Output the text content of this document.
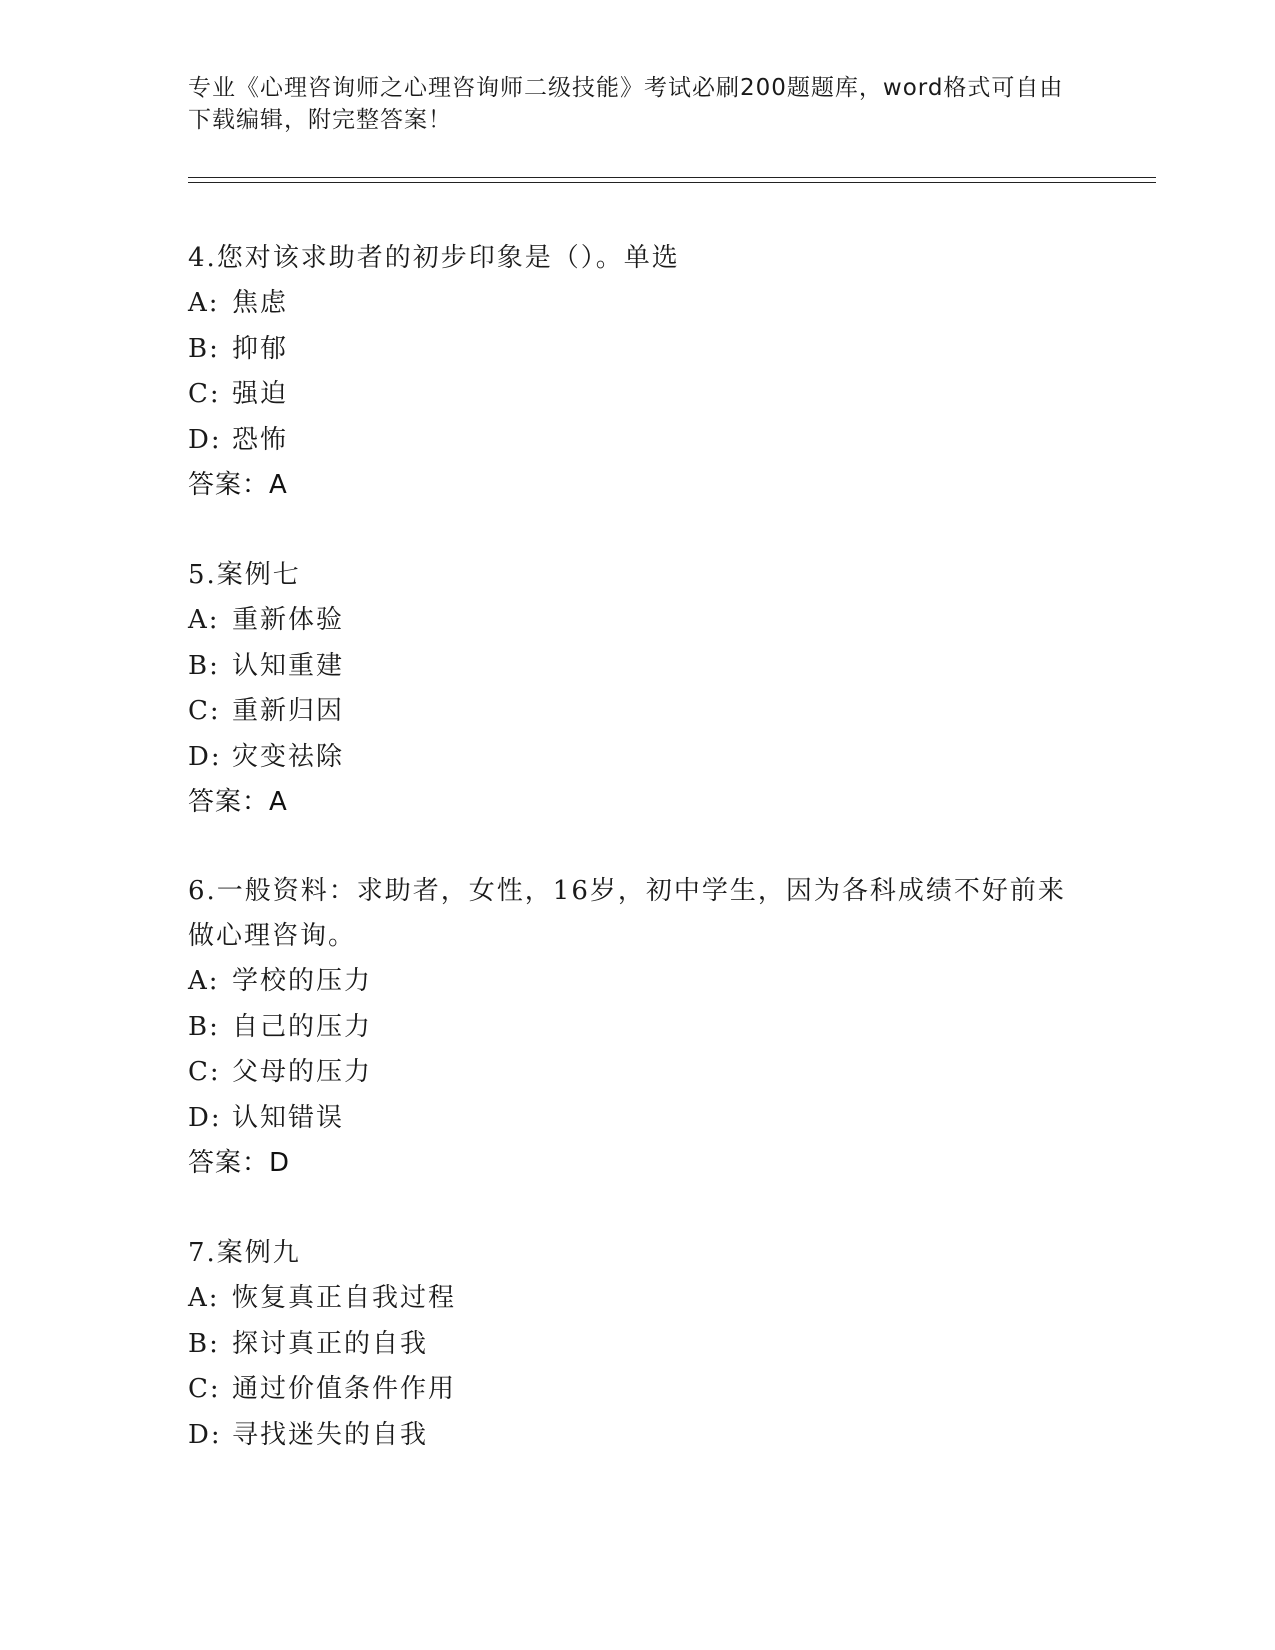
专业《心理咨询师之心理咨询师二级技能》考试必刷200题题库，word格式可自由下载编辑，附完整答案！
4.您对该求助者的初步印象是（）。单选
A: 焦虑
B: 抑郁
C: 强迫
D: 恐怖
答案：A
5.案例七
A: 重新体验
B: 认知重建
C: 重新归因
D: 灾变祛除
答案：A
6.一般资料：求助者，女性，16岁，初中学生，因为各科成绩不好前来做心理咨询。
A: 学校的压力
B: 自己的压力
C: 父母的压力
D: 认知错误
答案：D
7.案例九
A: 恢复真正自我过程
B: 探讨真正的自我
C: 通过价值条件作用
D: 寻找迷失的自我
